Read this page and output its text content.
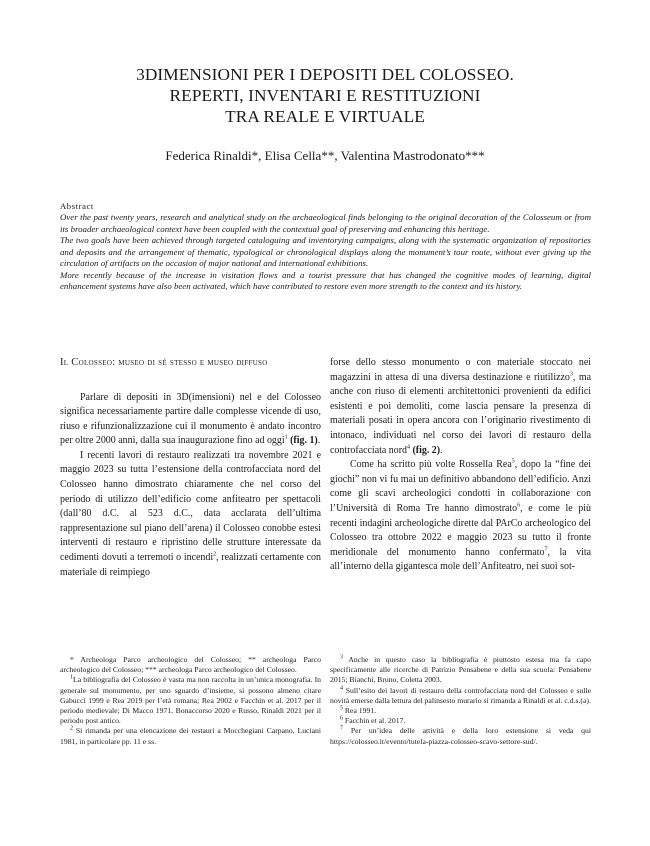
3DIMENSIONI PER I DEPOSITI DEL COLOSSEO.
REPERTI, INVENTARI E RESTITUZIONI
TRA REALE E VIRTUALE
Federica Rinaldi*, Elisa Cella**, Valentina Mastrodonato***
Abstract

Over the past twenty years, research and analytical study on the archaeological finds belonging to the original decoration of the Colosseum or from its broader archaeological context have been coupled with the contextual goal of preserving and enhancing this heritage.

The two goals have been achieved through targeted cataloguing and inventorying campaigns, along with the systematic organization of repositories and deposits and the arrangement of thematic, typological or chronological displays along the monument’s tour route, without ever giving up the circulation of artifacts on the occasion of major national and international exhibitions.

More recently because of the increase in visitation flows and a tourist pressure that has changed the cognitive modes of learning, digital enhancement systems have also been activated, which have contributed to restore even more strength to the context and its history.

Il Colosseo: museo di sé stesso e museo diffuso

Parlare di depositi in 3D(imensioni) nel e del Colosseo significa necessariamente partire dalle complesse vicende di uso, riuso e rifunzionalizzazione cui il monumento è andato incontro per oltre 2000 anni, dalla sua inaugurazione fino ad oggi$^1$ (fig. 1).

I recenti lavori di restauro realizzati tra novembre 2021 e maggio 2023 su tutta l’estensione della controfacciata nord del Colosseo hanno dimostrato chiaramente che nel corso del periodo di utilizzo dell’edificio come anfiteatro per spettacoli (dall’80 d.C. al 523 d.C., data acclarata dell’ultima rappresentazione sul piano dell’arena) il Colosseo conobbe estesi interventi di restauro e ripristino delle strutture interessate da cedimenti dovuti a terremoti o incendi$^2$, realizzati certamente con materiale di reimpiego

forse dello stesso monumento o con materiale stoccato nei magazzini in attesa di una diversa destinazione e riutilizzo$^3$, ma anche con riuso di elementi architettonici provenienti da edifici esistenti e poi demoliti, come lascia pensare la presenza di materiali posati in opera ancora con l’originario rivestimento di intonaco, individuati nel corso dei lavori di restauro della controfacciata nord$^4$ (fig. 2).

Come ha scritto più volte Rossella Rea$^5$, dopo la “fine dei giochi” non vi fu mai un definitivo abbandono dell’edificio. Anzi come gli scavi archeologici condotti in collaborazione con l’Università di Roma Tre hanno dimostrato$^6$, e come le più recenti indagini archeologiche dirette dal PArCo archeologico del Colosseo tra ottobre 2022 e maggio 2023 su tutto il fronte meridionale del monumento hanno confermato$^7$, la vita all’interno della gigantesca mole dell’Anfiteatro, nei suoi sot-

* Archeologa Parco archeologico del Colosseo; ** archeologa Parco archeologico del Colosseo; *** archeologa Parco archeologico del Colosseo.

$^1$La bibliografia del Colosseo è vasta ma non raccolta in un’unica monografia. In generale sul monumento, per uno sguardo d’insieme, si possono almeno citare Gabucci 1999 e Rea 2019 per l’età romana; Rea 2002 e Facchin et al. 2017 per il periodo medievale; Di Macco 1971, Bonaccorso 2020 e Russo, Rinaldi 2021 per il periodo post antico.

$^2$ Si rimanda per una elencazione dei restauri a Mocchegiani Carpano, Luciani 1981, in particolare pp. 11 e ss.

$^3$ Anche in questo caso la bibliografia è piuttosto estesa ma fa capo specificamente alle ricerche di Patrizio Pensabene e della sua scuola: Pensabene 2015; Bianchi, Bruno, Coletta 2003.

$^4$ Sull’esito dei lavori di restauro della controfacciata nord del Colosseo e sulle novità emerse dalla lettura del palinsesto murario si rimanda a Rinaldi et al. c.d.s.(a).

$^5$ Rea 1991.

$^6$ Facchin et al. 2017.

$^7$ Per un’idea delle attività e della loro estensione si veda qui https://colosseo.it/evento/tutela-piazza-colosseo-scavo-settore-sud/.
